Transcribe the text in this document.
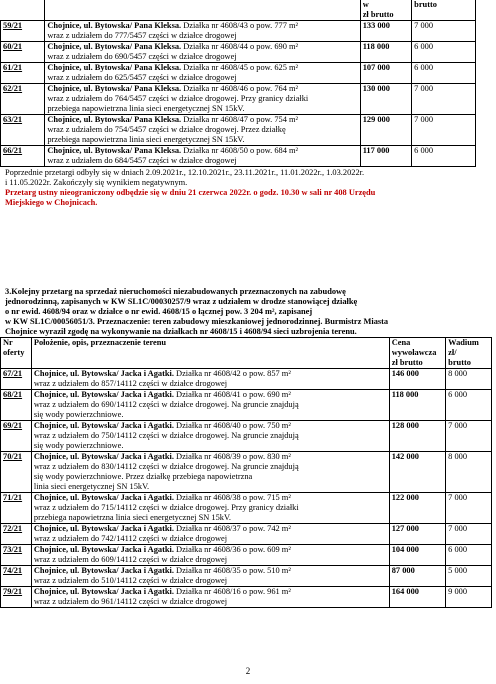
		w
zł brutto	brutto

59/21	Chojnice, ul. Bytowska/ Pana Kleksa. Działka nr 4608/43 o pow. 777 m²
wraz z udziałem do 777/5457 części w działce drogowej	133 000	7 000
60/21	Chojnice, ul. Bytowska/ Pana Kleksa. Działka nr 4608/44 o pow. 690 m²
wraz z udziałem do 690/5457 części w działce drogowej	118 000	6 000
61/21	Chojnice, ul. Bytowska/ Pana Kleksa. Działka nr 4608/45 o pow. 625 m²
wraz z udziałem do 625/5457 części w działce drogowej	107 000	6 000
62/21	Chojnice, ul. Bytowska/ Pana Kleksa. Działka nr 4608/46 o pow. 764 m²
wraz z udziałem do 764/5457 części w działce drogowej. Przy granicy działki
przebiega napowietrzna linia sieci energetycznej SN 15kV.	130 000	7 000
63/21	Chojnice, ul. Bytowska/ Pana Kleksa. Działka nr 4608/47 o pow. 754 m²
wraz z udziałem do 754/5457 części w działce drogowej. Przez działkę
przebiega napowietrzna linia sieci energetycznej SN 15kV.	129 000	7 000
66/21	Chojnice, ul. Bytowska/ Pana Kleksa. Działka nr 4608/50 o pow. 684 m²
wraz z udziałem do 684/5457 części w działce drogowej	117 000	6 000
Poprzednie przetargi odbyły się w dniach 2.09.2021r., 12.10.2021r., 23.11.2021r., 11.01.2022r., 1.03.2022r.
i 11.05.2022r. Zakończyły się wynikiem negatywnym.
Przetarg ustny nieograniczony odbędzie się w dniu 21 czerwca 2022r. o godz. 10.30 w sali nr 408 Urzędu
Miejskiego w Chojnicach.
3.Kolejny przetarg na sprzedaż nieruchomości niezabudowanych przeznaczonych na zabudowę
jednorodzinną, zapisanych w KW SL1C/00030257/9 wraz z udziałem w drodze stanowiącej działkę
o nr ewid. 4608/94 oraz w działce o nr ewid. 4608/15 o łącznej pow. 3 204 m², zapisanej
w KW SL1C/00056051/3. Przeznaczenie: teren zabudowy mieszkaniowej jednorodzinnej. Burmistrz Miasta
Chojnice wyraził zgodę na wykonywanie na działkach nr 4608/15 i 4608/94 sieci uzbrojenia terenu.
Nr
oferty	Położenie, opis, przeznaczenie terenu	Cena
wywoławcza
zł brutto	Wadium
zł/
brutto

67/21	Chojnice, ul. Bytowska/ Jacka i Agatki. Działka nr 4608/42 o pow. 857 m²
wraz z udziałem do 857/14112 części w działce drogowej	146 000	8 000
68/21	Chojnice, ul. Bytowska/ Jacka i Agatki. Działka nr 4608/41 o pow. 690 m²
wraz z udziałem do 690/14112 części w działce drogowej. Na gruncie znajdują
się wody powierzchniowe.	118 000	6 000
69/21	Chojnice, ul. Bytowska/ Jacka i Agatki. Działka nr 4608/40 o pow. 750 m²
wraz z udziałem do 750/14112 części w działce drogowej. Na gruncie znajdują
się wody powierzchniowe.	128 000	7 000
70/21	Chojnice, ul. Bytowska/ Jacka i Agatki. Działka nr 4608/39 o pow. 830 m²
wraz z udziałem do 830/14112 części w działce drogowej. Na gruncie znajdują
się wody powierzchniowe. Przez działkę przebiega napowietrzna
linia sieci energetycznej SN 15kV.	142 000	8 000
71/21	Chojnice, ul. Bytowska/ Jacka i Agatki. Działka nr 4608/38 o pow. 715 m²
wraz z udziałem do 715/14112 części w działce drogowej. Przy granicy działki
przebiega napowietrzna linia sieci energetycznej SN 15kV.	122 000	7 000
72/21	Chojnice, ul. Bytowska/ Jacka i Agatki. Działka nr 4608/37 o pow. 742 m²
wraz z udziałem do 742/14112 części w działce drogowej	127 000	7 000
73/21	Chojnice, ul. Bytowska/ Jacka i Agatki. Działka nr 4608/36 o pow. 609 m²
wraz z udziałem do 609/14112 części w działce drogowej	104 000	6 000
74/21	Chojnice, ul. Bytowska/ Jacka i Agatki. Działka nr 4608/35 o pow. 510 m²
wraz z udziałem do 510/14112 części w działce drogowej	87 000	5 000
79/21	Chojnice, ul. Bytowska/ Jacka i Agatki. Działka nr 4608/16 o pow. 961 m²
wraz z udziałem do 961/14112 części w działce drogowej	164 000	9 000
2
